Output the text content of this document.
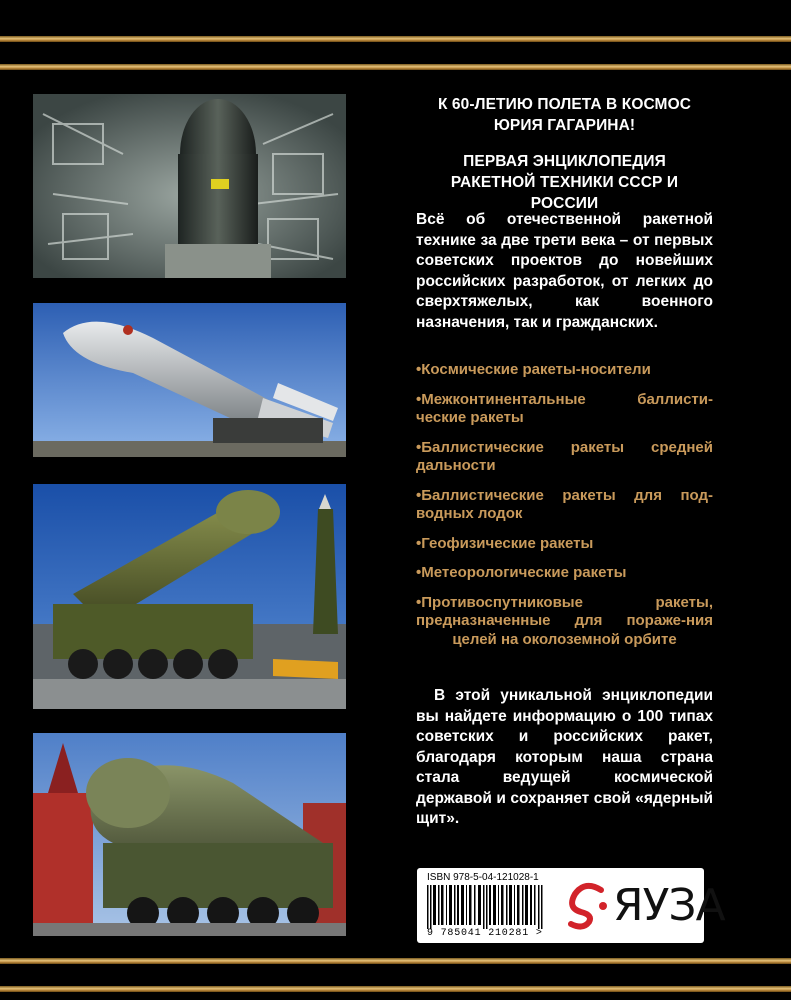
К 60-ЛЕТИЮ ПОЛЕТА В КОСМОС
ЮРИЯ ГАГАРИНА!
ПЕРВАЯ ЭНЦИКЛОПЕДИЯ
РАКЕТНОЙ ТЕХНИКИ СССР И РОССИИ
Всё об отечественной ракетной технике за две трети века – от первых советских проектов до новейших российских разработок, от легких до сверхтяжелых, как военного назначения, так и гражданских.
•Космические ракеты-носители
•Межконтинентальные баллисти-ческие ракеты
•Баллистические ракеты средней дальности
•Баллистические ракеты для под-водных лодок
•Геофизические ракеты
•Метеорологические ракеты
•Противоспутниковые ракеты, предназначенные для пораже-ния целей на околоземной орбите
В этой уникальной энциклопедии вы найдете информацию о 100 типах советских и российских ракет, благодаря которым наша страна стала ведущей космической державой и сохраняет свой «ядерный щит».
ISBN 978-5-04-121028-1
9 785041 210281 >
ЯУЗА
